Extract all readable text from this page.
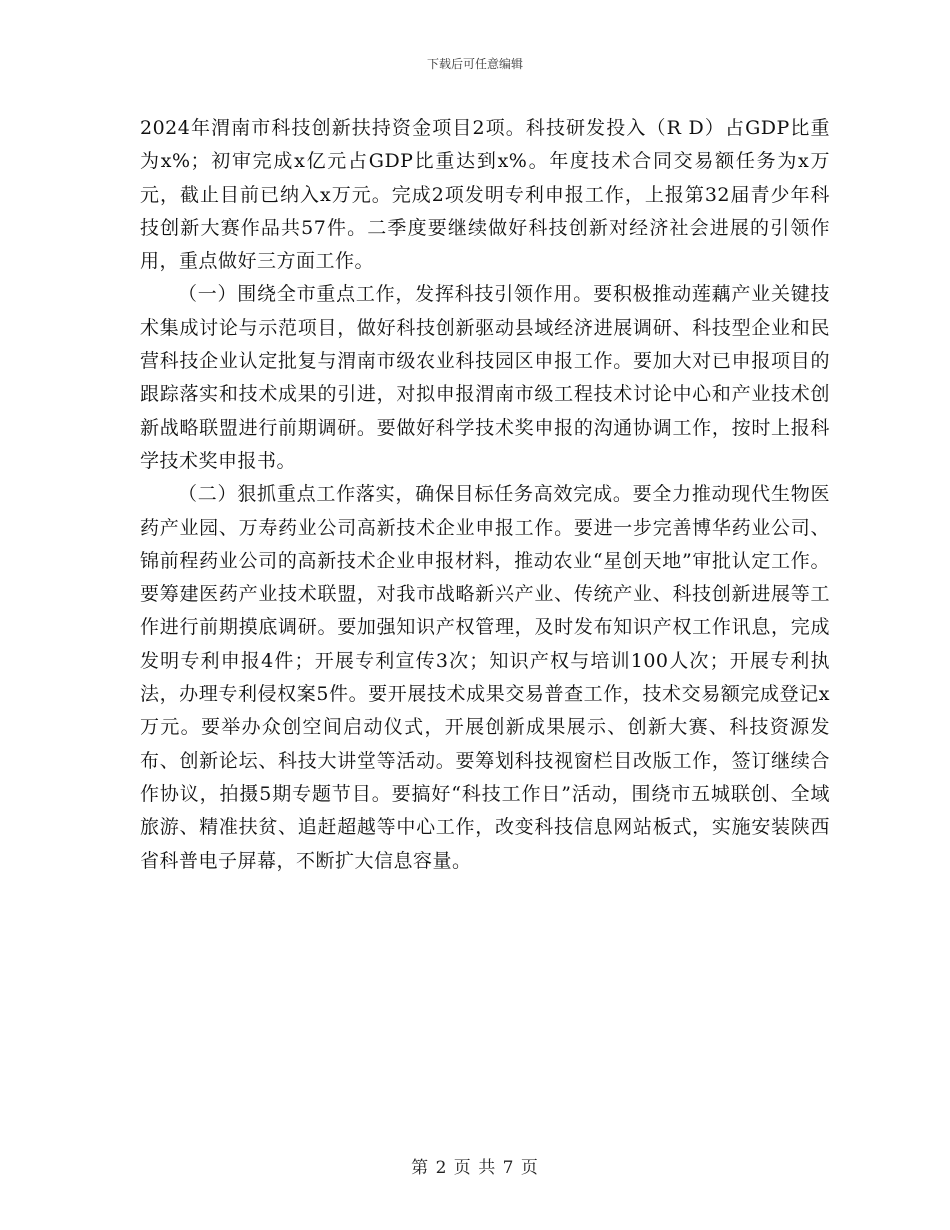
下载后可任意编辑

2024年渭南市科技创新扶持资金项目2项。科技研发投入（R D）占GDP比重为x%；初审完成x亿元占GDP比重达到x%。年度技术合同交易额任务为x万元，截止目前已纳入x万元。完成2项发明专利申报工作，上报第32届青少年科技创新大赛作品共57件。二季度要继续做好科技创新对经济社会进展的引领作用，重点做好三方面工作。

（一）围绕全市重点工作，发挥科技引领作用。要积极推动莲藕产业关键技术集成讨论与示范项目，做好科技创新驱动县域经济进展调研、科技型企业和民营科技企业认定批复与渭南市级农业科技园区申报工作。要加大对已申报项目的跟踪落实和技术成果的引进，对拟申报渭南市级工程技术讨论中心和产业技术创新战略联盟进行前期调研。要做好科学技术奖申报的沟通协调工作，按时上报科学技术奖申报书。

（二）狠抓重点工作落实，确保目标任务高效完成。要全力推动现代生物医药产业园、万寿药业公司高新技术企业申报工作。要进一步完善博华药业公司、锦前程药业公司的高新技术企业申报材料，推动农业“星创天地”审批认定工作。要筹建医药产业技术联盟，对我市战略新兴产业、传统产业、科技创新进展等工作进行前期摸底调研。要加强知识产权管理，及时发布知识产权工作讯息，完成发明专利申报4件；开展专利宣传3次；知识产权与培训100人次；开展专利执法，办理专利侵权案5件。要开展技术成果交易普查工作，技术交易额完成登记x万元。要举办众创空间启动仪式，开展创新成果展示、创新大赛、科技资源发布、创新论坛、科技大讲堂等活动。要筹划科技视窗栏目改版工作，签订继续合作协议，拍摄5期专题节目。要搞好“科技工作日”活动，围绕市五城联创、全域旅游、精准扶贫、追赶超越等中心工作，改变科技信息网站板式，实施安装陕西省科普电子屏幕，不断扩大信息容量。

第 2 页 共 7 页
